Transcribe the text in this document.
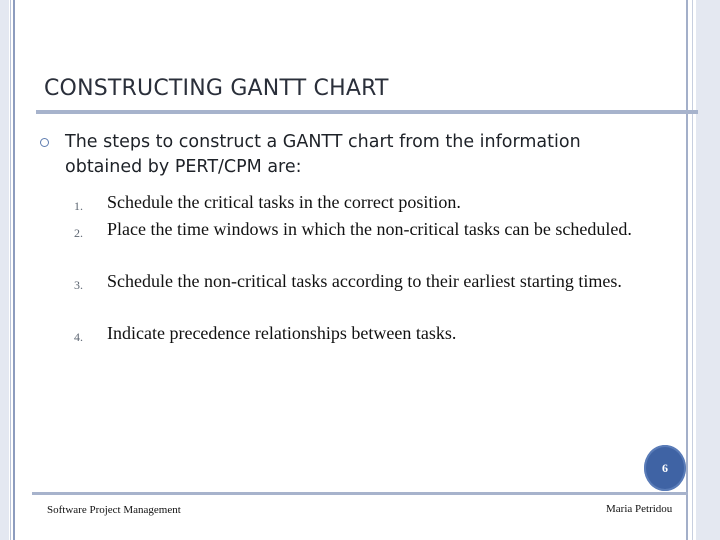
CONSTRUCTING GANTT CHART
The steps to construct a GANTT chart from the information obtained by PERT/CPM are:
1. Schedule the critical tasks in the correct position.
2. Place the time windows in which the non-critical tasks can be scheduled.
3. Schedule the non-critical tasks according to their earliest starting times.
4. Indicate precedence relationships between tasks.
6
Software Project Management	Maria Petridou
